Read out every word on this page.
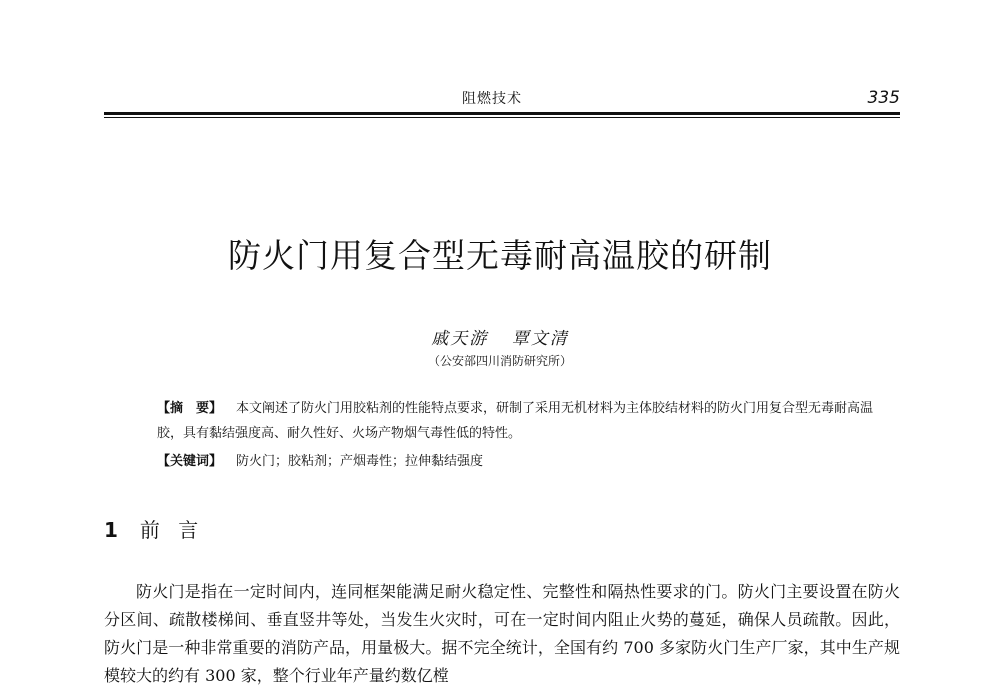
阻燃技术	335
防火门用复合型无毒耐高温胶的研制
戚天游 覃文清
（公安部四川消防研究所）
【摘　要】 本文阐述了防火门用胶粘剂的性能特点要求，研制了采用无机材料为主体胶结材料的防火门用复合型无毒耐高温胶，具有黏结强度高、耐久性好、火场产物烟气毒性低的特性。
【关键词】 防火门；胶粘剂；产烟毒性；拉伸黏结强度
1 前 言

防火门是指在一定时间内，连同框架能满足耐火稳定性、完整性和隔热性要求的门。防火门主要设置在防火分区间、疏散楼梯间、垂直竖井等处，当发生火灾时，可在一定时间内阻止火势的蔓延，确保人员疏散。因此，防火门是一种非常重要的消防产品，用量极大。据不完全统计，全国有约 700 多家防火门生产厂家，其中生产规模较大的约有 300 家，整个行业年产量约数亿樘
